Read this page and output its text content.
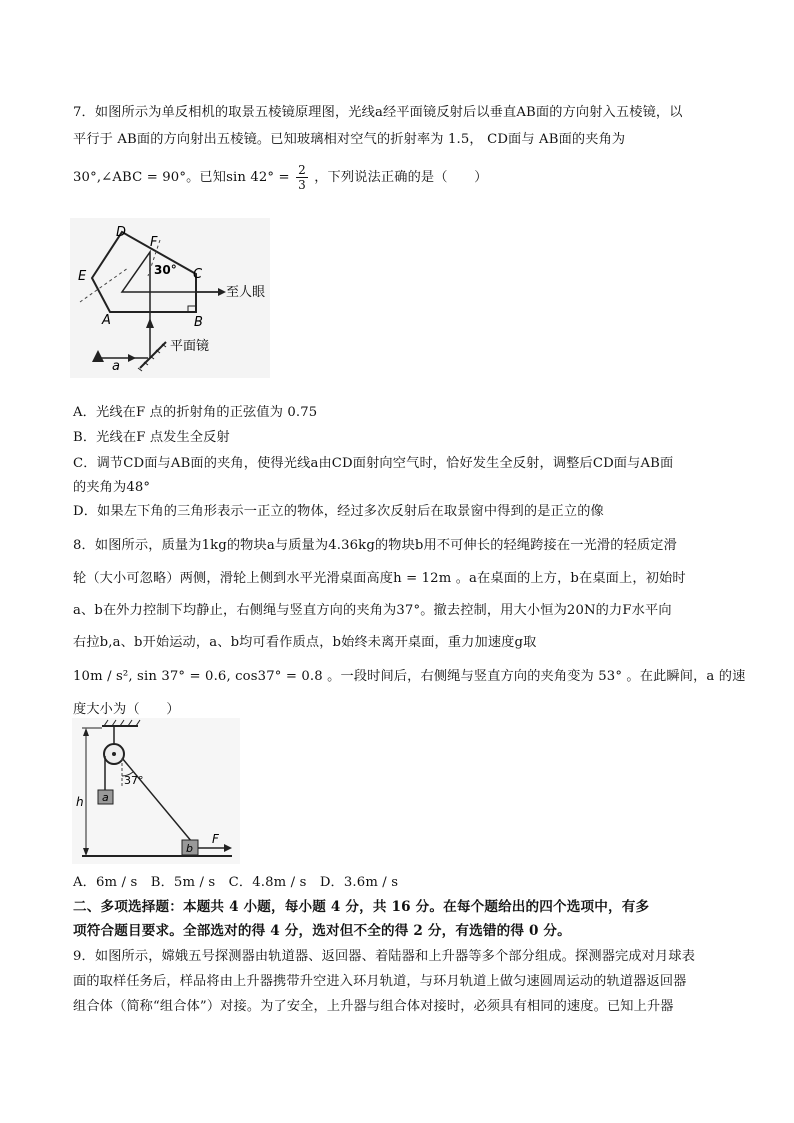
7．如图所示为单反相机的取景五棱镜原理图，光线a经平面镜反射后以垂直AB面的方向射入五棱镜，以
平行于 AB面的方向射出五棱镜。已知玻璃相对空气的折射率为 1.5， CD面与 AB面的夹角为
30°,∠ABC = 90°。已知$\sin 42^\circ = \frac{2}{3}$ ，下列说法正确的是（　　）
D
F
E
A	B
C
30°
至人眼
平面镜
a
A．光线在F 点的折射角的正弦值为 0.75
B．光线在F 点发生全反射
C．调节CD面与AB面的夹角，使得光线a由CD面射向空气时，恰好发生全反射，调整后CD面与AB面
的夹角为48°
D．如果左下角的三角形表示一正立的物体，经过多次反射后在取景窗中得到的是正立的像
8．如图所示，质量为1kg的物块a与质量为4.36kg的物块b用不可伸长的轻绳跨接在一光滑的轻质定滑
轮（大小可忽略）两侧，滑轮上侧到水平光滑桌面高度h = 12m 。a在桌面的上方，b在桌面上，初始时
a、b在外力控制下均静止，右侧绳与竖直方向的夹角为37°。撤去控制，用大小恒为20N的力F水平向
右拉b,a、b开始运动，a、b均可看作质点，b始终未离开桌面，重力加速度g取
10m / s², sin 37° = 0.6, cos37° = 0.8 。一段时间后，右侧绳与竖直方向的夹角变为 53° 。在此瞬间，a 的速
度大小为（　　）
a
37°
h
b
F
A．6m / s　B．5m / s　C．4.8m / s　D．3.6m / s
二、多项选择题：本题共 4 小题，每小题 4 分，共 16 分。在每个题给出的四个选项中，有多
项符合题目要求。全部选对的得 4 分，选对但不全的得 2 分，有选错的得 0 分。
9．如图所示，嫦娥五号探测器由轨道器、返回器、着陆器和上升器等多个部分组成。探测器完成对月球表
面的取样任务后，样品将由上升器携带升空进入环月轨道，与环月轨道上做匀速圆周运动的轨道器返回器
组合体（简称“组合体”）对接。为了安全，上升器与组合体对接时，必须具有相同的速度。已知上升器
